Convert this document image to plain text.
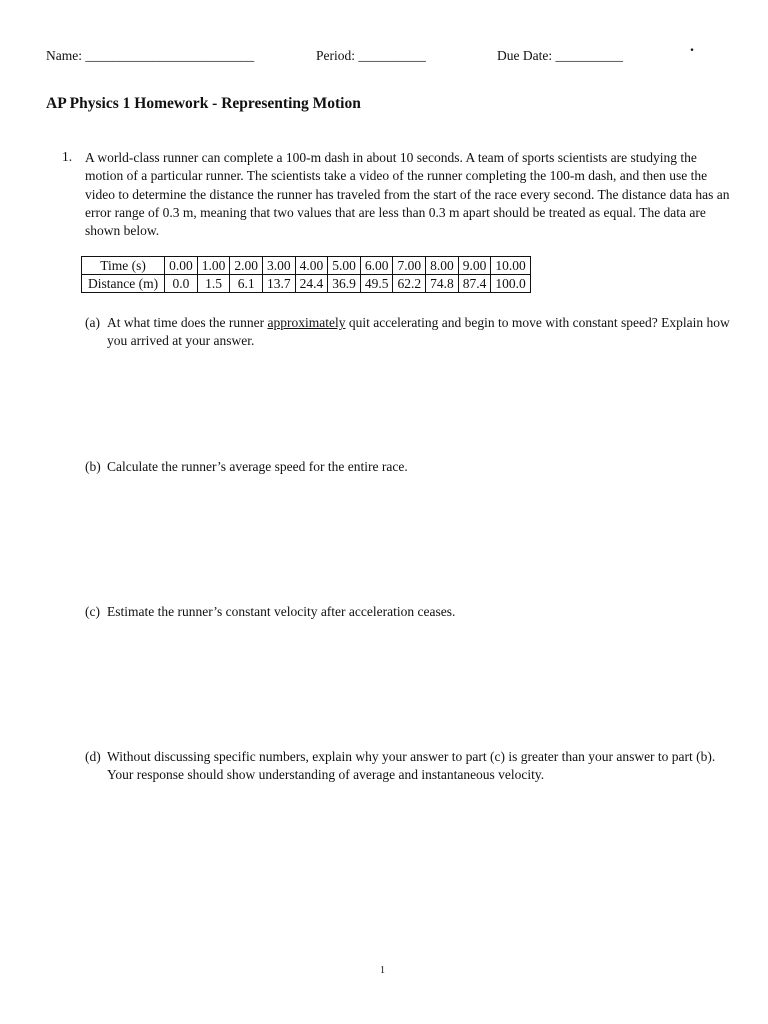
Name: _________________________	Period: __________	Due Date: __________
.
AP Physics 1 Homework - Representing Motion
1. A world-class runner can complete a 100-m dash in about 10 seconds. A team of sports scientists are studying the motion of a particular runner. The scientists take a video of the runner completing the 100-m dash, and then use the video to determine the distance the runner has traveled from the start of the race every second. The distance data has an error range of 0.3 m, meaning that two values that are less than 0.3 m apart should be treated as equal. The data are shown below.
Time (s)	0.00	1.00	2.00	3.00	4.00	5.00	6.00	7.00	8.00	9.00	10.00
Distance (m)	0.0	1.5	6.1	13.7	24.4	36.9	49.5	62.2	74.8	87.4	100.0
(a) At what time does the runner approximately quit accelerating and begin to move with constant speed? Explain how you arrived at your answer.
(b) Calculate the runner’s average speed for the entire race.
(c) Estimate the runner’s constant velocity after acceleration ceases.
(d) Without discussing specific numbers, explain why your answer to part (c) is greater than your answer to part (b). Your response should show understanding of average and instantaneous velocity.
1
